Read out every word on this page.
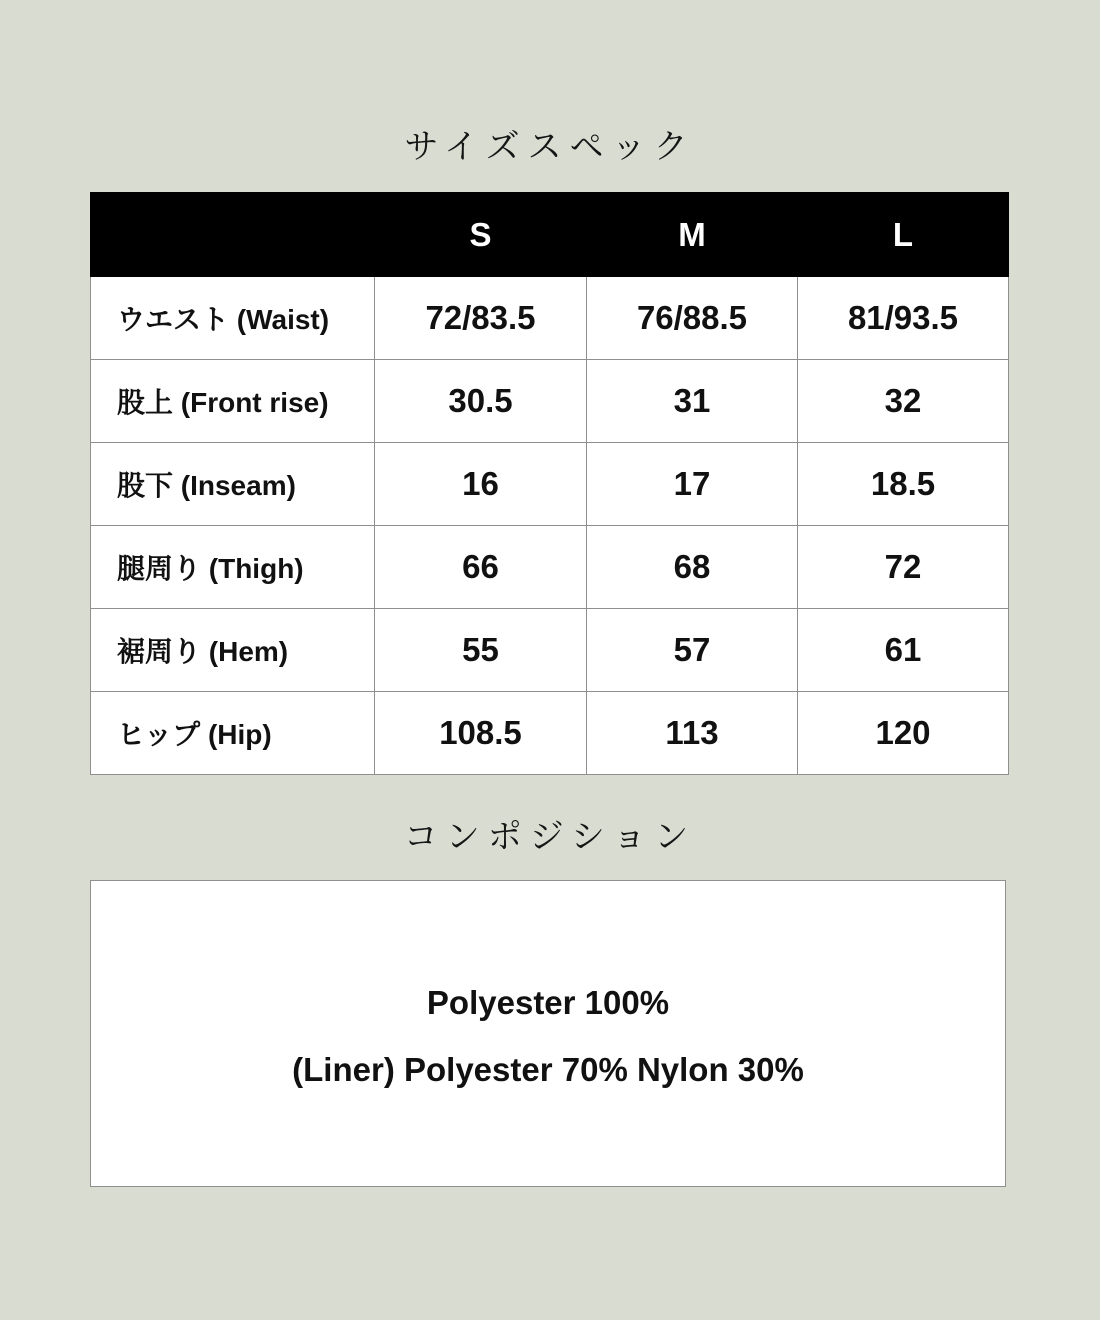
サイズスペック
	S	M	L
ウエスト (Waist)	72/83.5	76/88.5	81/93.5
股上 (Front rise)	30.5	31	32
股下 (Inseam)	16	17	18.5
腿周り (Thigh)	66	68	72
裾周り (Hem)	55	57	61
ヒップ (Hip)	108.5	113	120
コンポジション
Polyester 100%
(Liner) Polyester 70% Nylon 30%
